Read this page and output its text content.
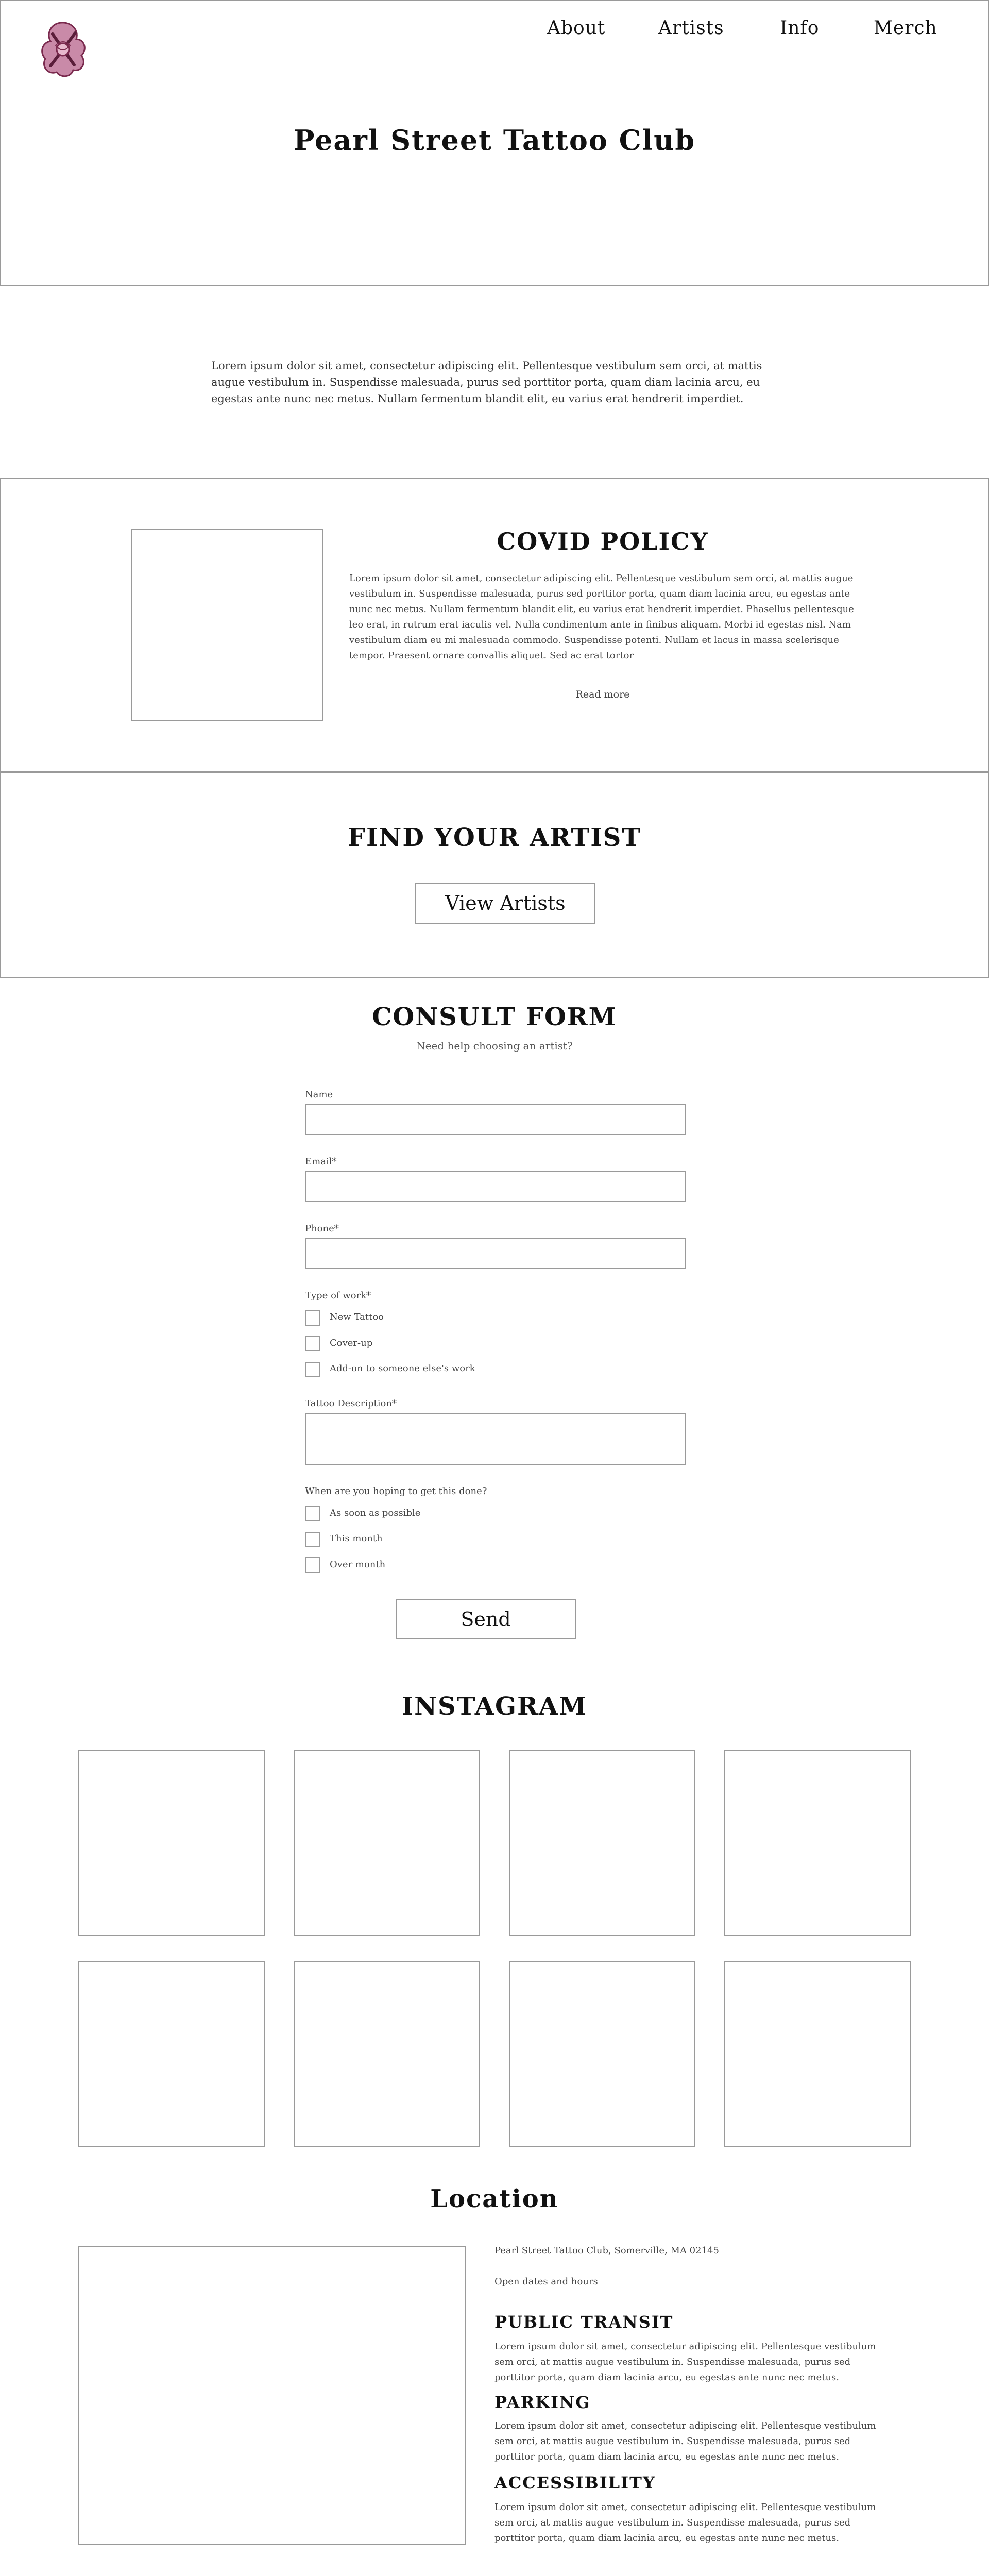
About	Artists	Info	Merch
Pearl Street Tattoo Club
Lorem ipsum dolor sit amet, consectetur adipiscing elit. Pellentesque vestibulum sem orci, at mattis augue vestibulum in. Suspendisse malesuada, purus sed porttitor porta, quam diam lacinia arcu, eu egestas ante nunc nec metus. Nullam fermentum blandit elit, eu varius erat hendrerit imperdiet.
COVID POLICY
Lorem ipsum dolor sit amet, consectetur adipiscing elit. Pellentesque vestibulum sem orci, at mattis augue vestibulum in. Suspendisse malesuada, purus sed porttitor porta, quam diam lacinia arcu, eu egestas ante nunc nec metus. Nullam fermentum blandit elit, eu varius erat hendrerit imperdiet. Phasellus pellentesque leo erat, in rutrum erat iaculis vel. Nulla condimentum ante in finibus aliquam. Morbi id egestas nisl. Nam vestibulum diam eu mi malesuada commodo. Suspendisse potenti. Nullam et lacus in massa scelerisque tempor. Praesent ornare convallis aliquet. Sed ac erat tortor
Read more
FIND YOUR ARTIST
View Artists
CONSULT FORM
Need help choosing an artist?
Name
Email*
Phone*
Type of work*
New Tattoo
Cover-up
Add-on to someone else's work
Tattoo Description*
When are you hoping to get this done?
As soon as possible
This month
Over month
Send
INSTAGRAM
Location
Pearl Street Tattoo Club, Somerville, MA 02145
Open dates and hours
PUBLIC TRANSIT
Lorem ipsum dolor sit amet, consectetur adipiscing elit. Pellentesque vestibulum sem orci, at mattis augue vestibulum in. Suspendisse malesuada, purus sed porttitor porta, quam diam lacinia arcu, eu egestas ante nunc nec metus.
PARKING
Lorem ipsum dolor sit amet, consectetur adipiscing elit. Pellentesque vestibulum sem orci, at mattis augue vestibulum in. Suspendisse malesuada, purus sed porttitor porta, quam diam lacinia arcu, eu egestas ante nunc nec metus.
ACCESSIBILITY
Lorem ipsum dolor sit amet, consectetur adipiscing elit. Pellentesque vestibulum sem orci, at mattis augue vestibulum in. Suspendisse malesuada, purus sed porttitor porta, quam diam lacinia arcu, eu egestas ante nunc nec metus.
